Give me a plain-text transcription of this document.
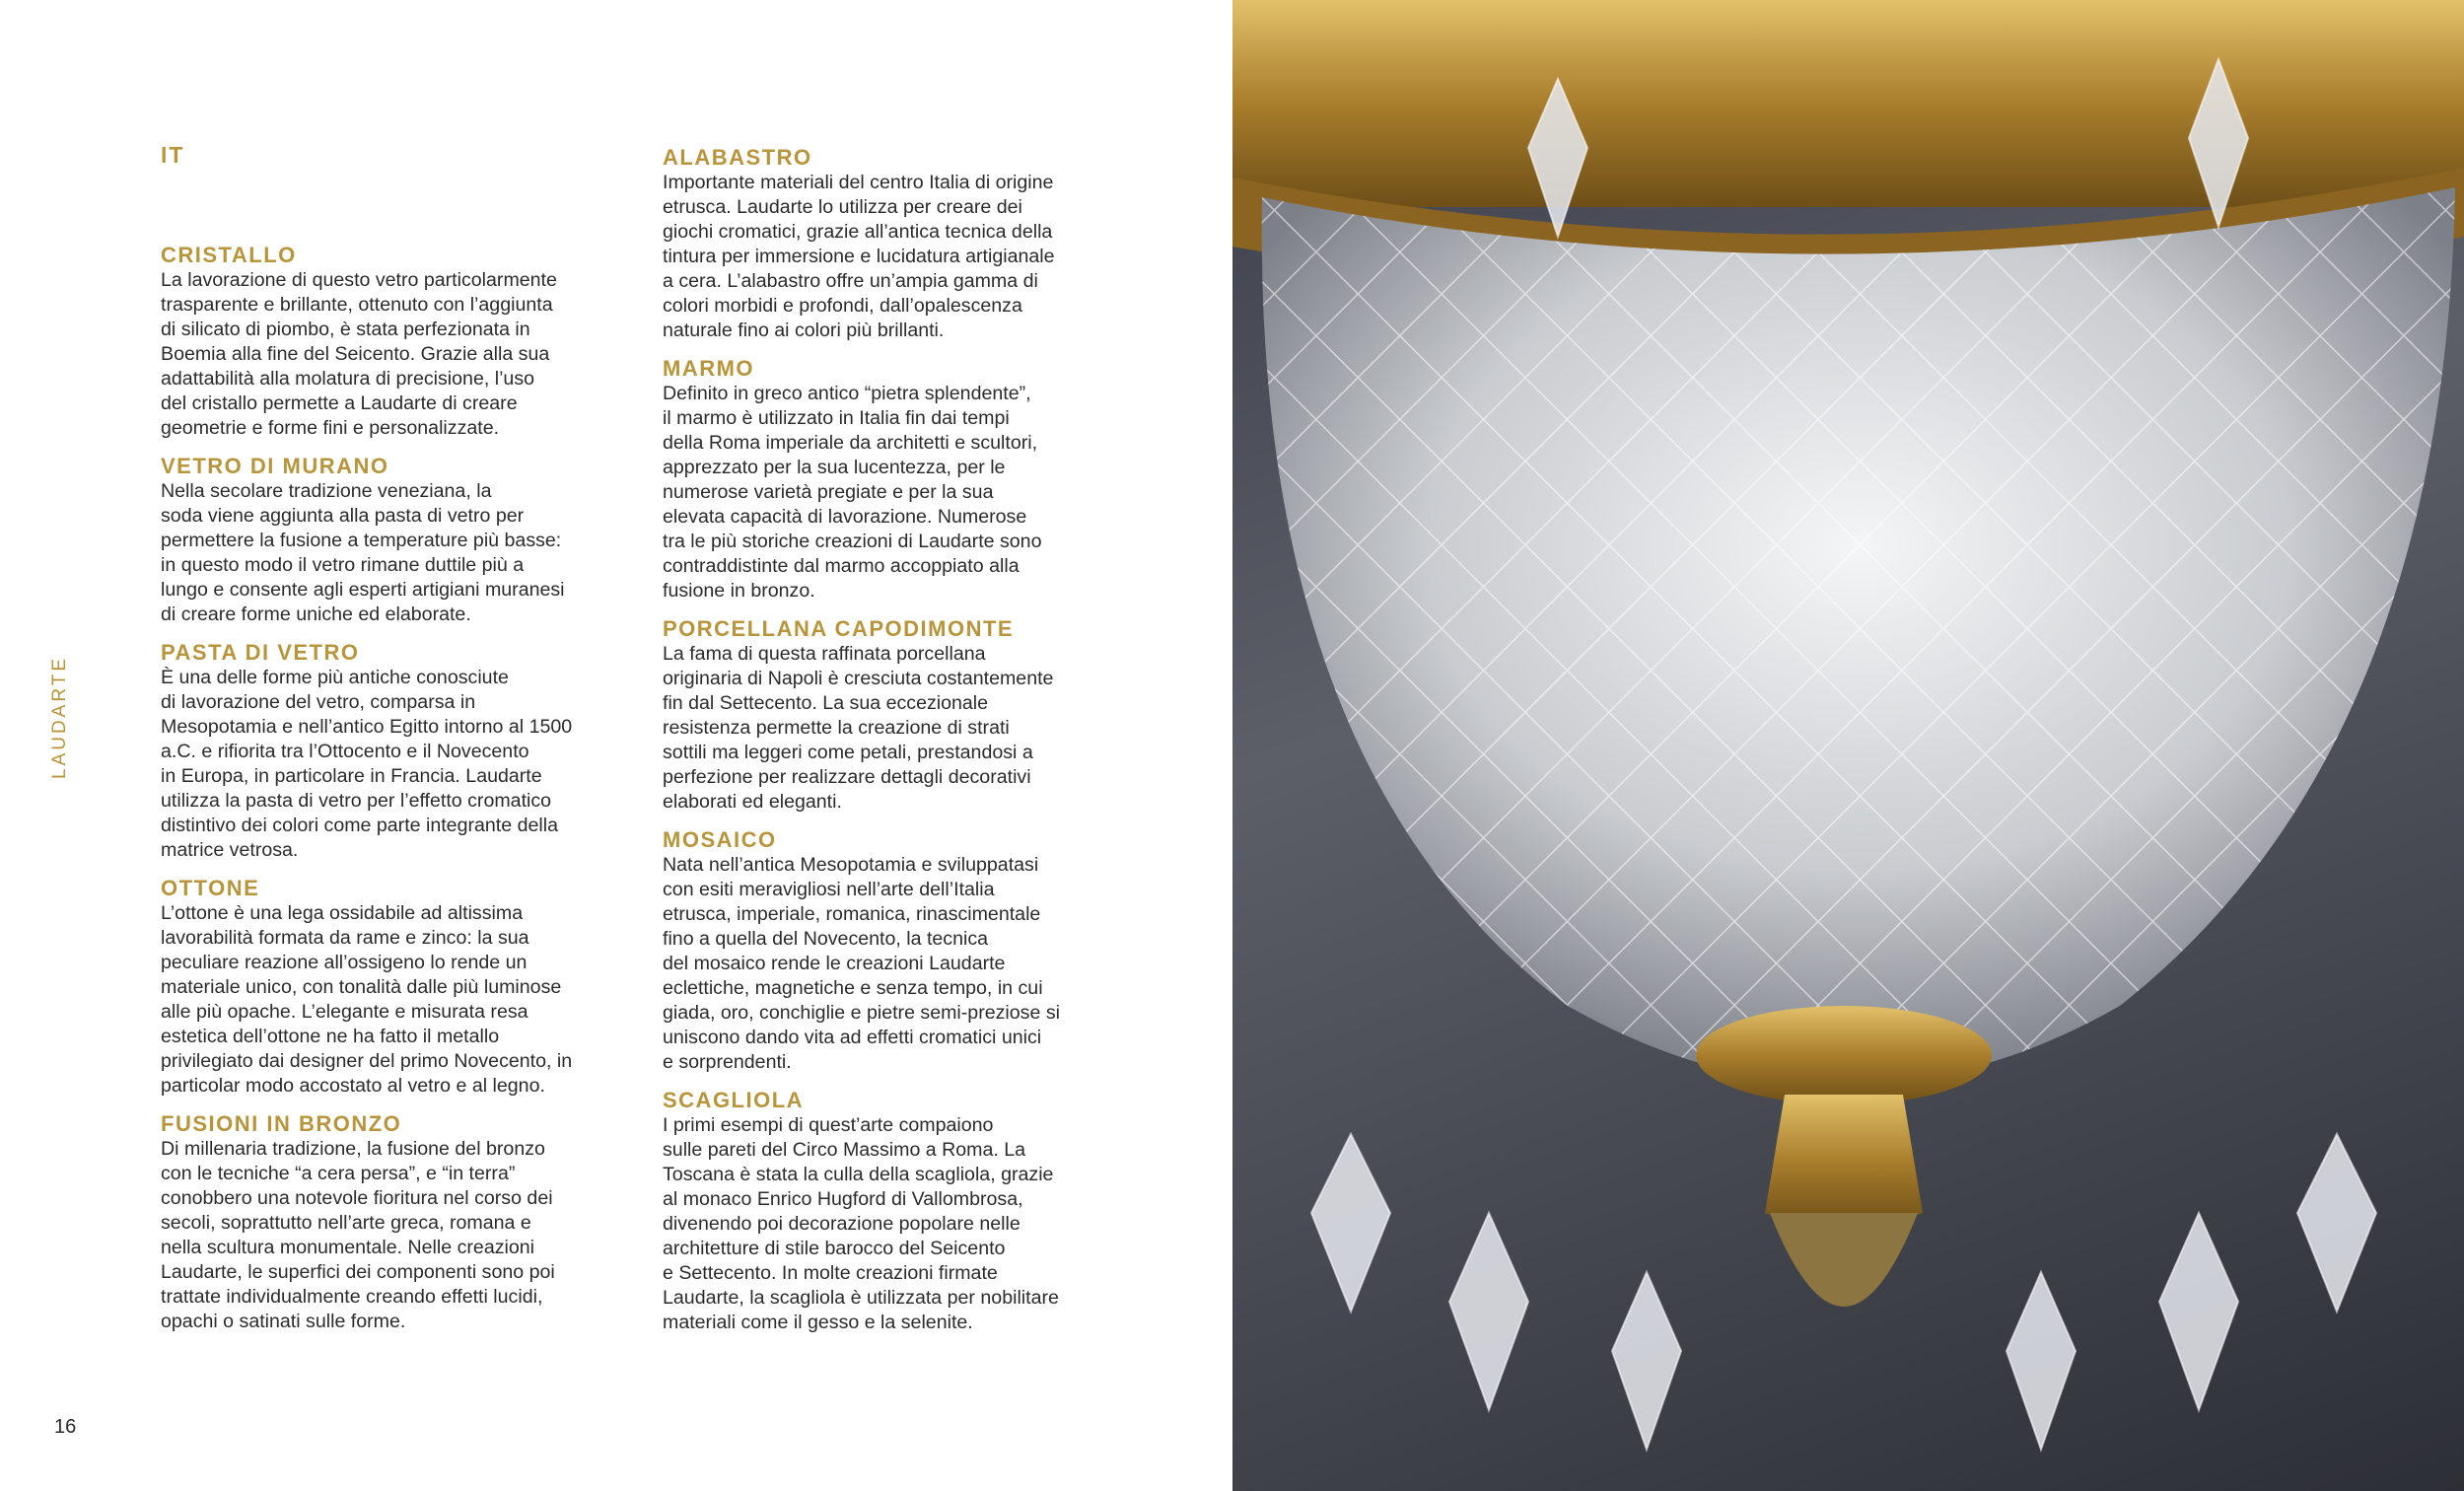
IT
LAUDARTE
16
CRISTALLO

La lavorazione di questo vetro particolarmente
trasparente e brillante, ottenuto con l’aggiunta
di silicato di piombo, è stata perfezionata in
Boemia alla fine del Seicento. Grazie alla sua
adattabilità alla molatura di precisione, l’uso
del cristallo permette a Laudarte di creare
geometrie e forme fini e personalizzate.

VETRO DI MURANO

Nella secolare tradizione veneziana, la
soda viene aggiunta alla pasta di vetro per
permettere la fusione a temperature più basse:
in questo modo il vetro rimane duttile più a
lungo e consente agli esperti artigiani muranesi
di creare forme uniche ed elaborate.

PASTA DI VETRO

È una delle forme più antiche conosciute
di lavorazione del vetro, comparsa in
Mesopotamia e nell’antico Egitto intorno al 1500
a.C. e rifiorita tra l’Ottocento e il Novecento
in Europa, in particolare in Francia. Laudarte
utilizza la pasta di vetro per l’effetto cromatico
distintivo dei colori come parte integrante della
matrice vetrosa.

OTTONE

L’ottone è una lega ossidabile ad altissima
lavorabilità formata da rame e zinco: la sua
peculiare reazione all’ossigeno lo rende un
materiale unico, con tonalità dalle più luminose
alle più opache. L’elegante e misurata resa
estetica dell’ottone ne ha fatto il metallo
privilegiato dai designer del primo Novecento, in
particolar modo accostato al vetro e al legno.

FUSIONI IN BRONZO

Di millenaria tradizione, la fusione del bronzo
con le tecniche “a cera persa”, e “in terra”
conobbero una notevole fioritura nel corso dei
secoli, soprattutto nell’arte greca, romana e
nella scultura monumentale. Nelle creazioni
Laudarte, le superfici dei componenti sono poi
trattate individualmente creando effetti lucidi,
opachi o satinati sulle forme.

ALABASTRO

Importante materiali del centro Italia di origine
etrusca. Laudarte lo utilizza per creare dei
giochi cromatici, grazie all’antica tecnica della
tintura per immersione e lucidatura artigianale
a cera. L’alabastro offre un’ampia gamma di
colori morbidi e profondi, dall’opalescenza
naturale fino ai colori più brillanti.

MARMO

Definito in greco antico “pietra splendente”,
il marmo è utilizzato in Italia fin dai tempi
della Roma imperiale da architetti e scultori,
apprezzato per la sua lucentezza, per le
numerose varietà pregiate e per la sua
elevata capacità di lavorazione. Numerose
tra le più storiche creazioni di Laudarte sono
contraddistinte dal marmo accoppiato alla
fusione in bronzo.

PORCELLANA CAPODIMONTE

La fama di questa raffinata porcellana
originaria di Napoli è cresciuta costantemente
fin dal Settecento. La sua eccezionale
resistenza permette la creazione di strati
sottili ma leggeri come petali, prestandosi a
perfezione per realizzare dettagli decorativi
elaborati ed eleganti.

MOSAICO

Nata nell’antica Mesopotamia e sviluppatasi
con esiti meravigliosi nell’arte dell’Italia
etrusca, imperiale, romanica, rinascimentale
fino a quella del Novecento, la tecnica
del mosaico rende le creazioni Laudarte
eclettiche, magnetiche e senza tempo, in cui
giada, oro, conchiglie e pietre semi-preziose si
uniscono dando vita ad effetti cromatici unici
e sorprendenti.

SCAGLIOLA

I primi esempi di quest’arte compaiono
sulle pareti del Circo Massimo a Roma. La
Toscana è stata la culla della scagliola, grazie
al monaco Enrico Hugford di Vallombrosa,
divenendo poi decorazione popolare nelle
architetture di stile barocco del Seicento
e Settecento. In molte creazioni firmate
Laudarte, la scagliola è utilizzata per nobilitare
materiali come il gesso e la selenite.
